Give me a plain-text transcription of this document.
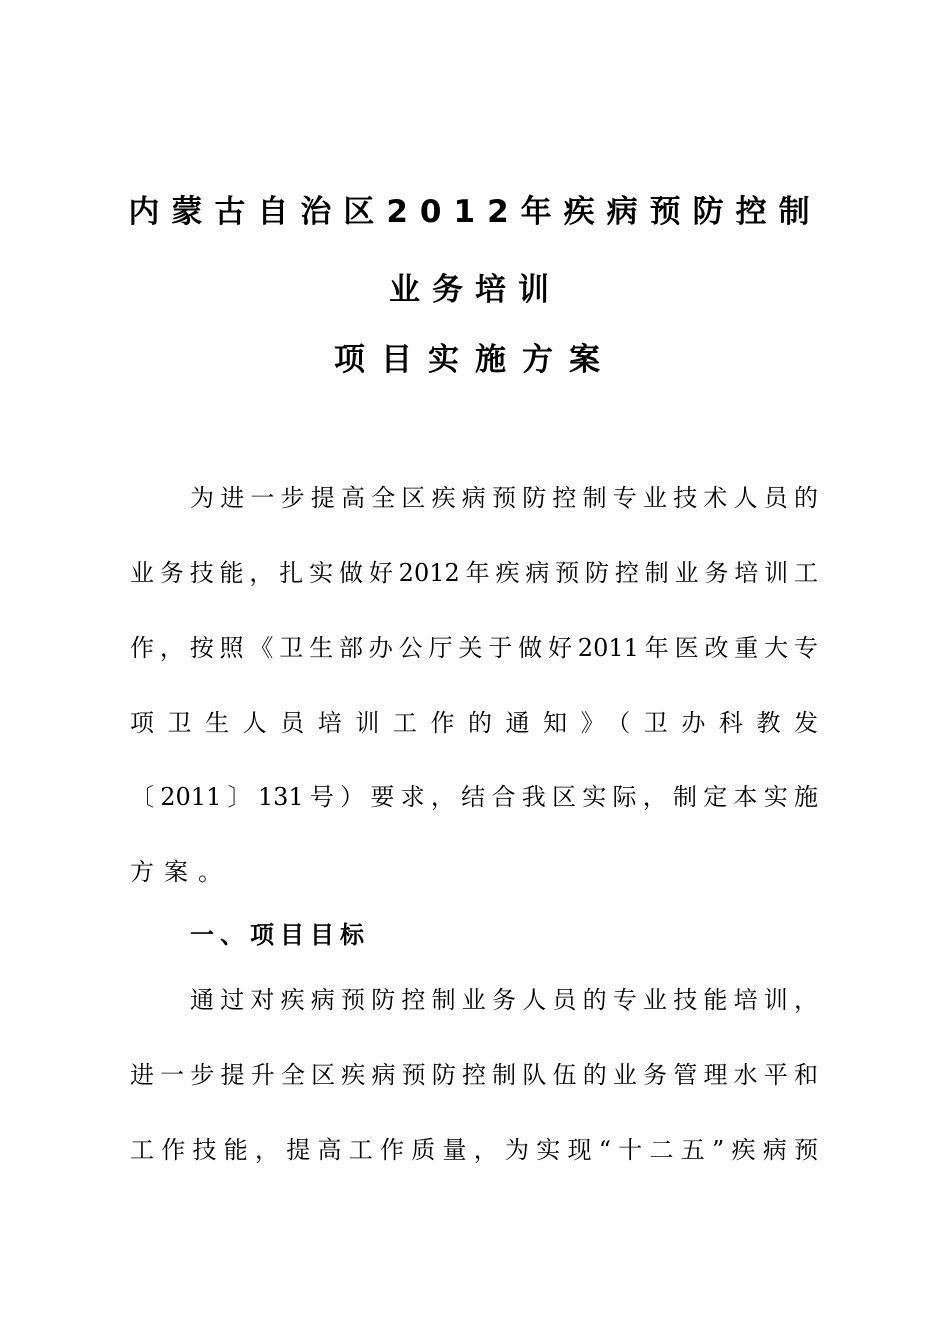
内蒙古自治区2012年疾病预防控制
业务培训
项目实施方案
为进一步提高全区疾病预防控制专业技术人员的
业务技能，扎实做好2012年疾病预防控制业务培训工
作，按照《卫生部办公厅关于做好2011年医改重大专
项卫生人员培训工作的通知》（卫办科教发
〔2011〕131号）要求，结合我区实际，制定本实施
方案。
一、项目目标
通过对疾病预防控制业务人员的专业技能培训，
进一步提升全区疾病预防控制队伍的业务管理水平和
工作技能，提高工作质量，为实现“十二五”疾病预
